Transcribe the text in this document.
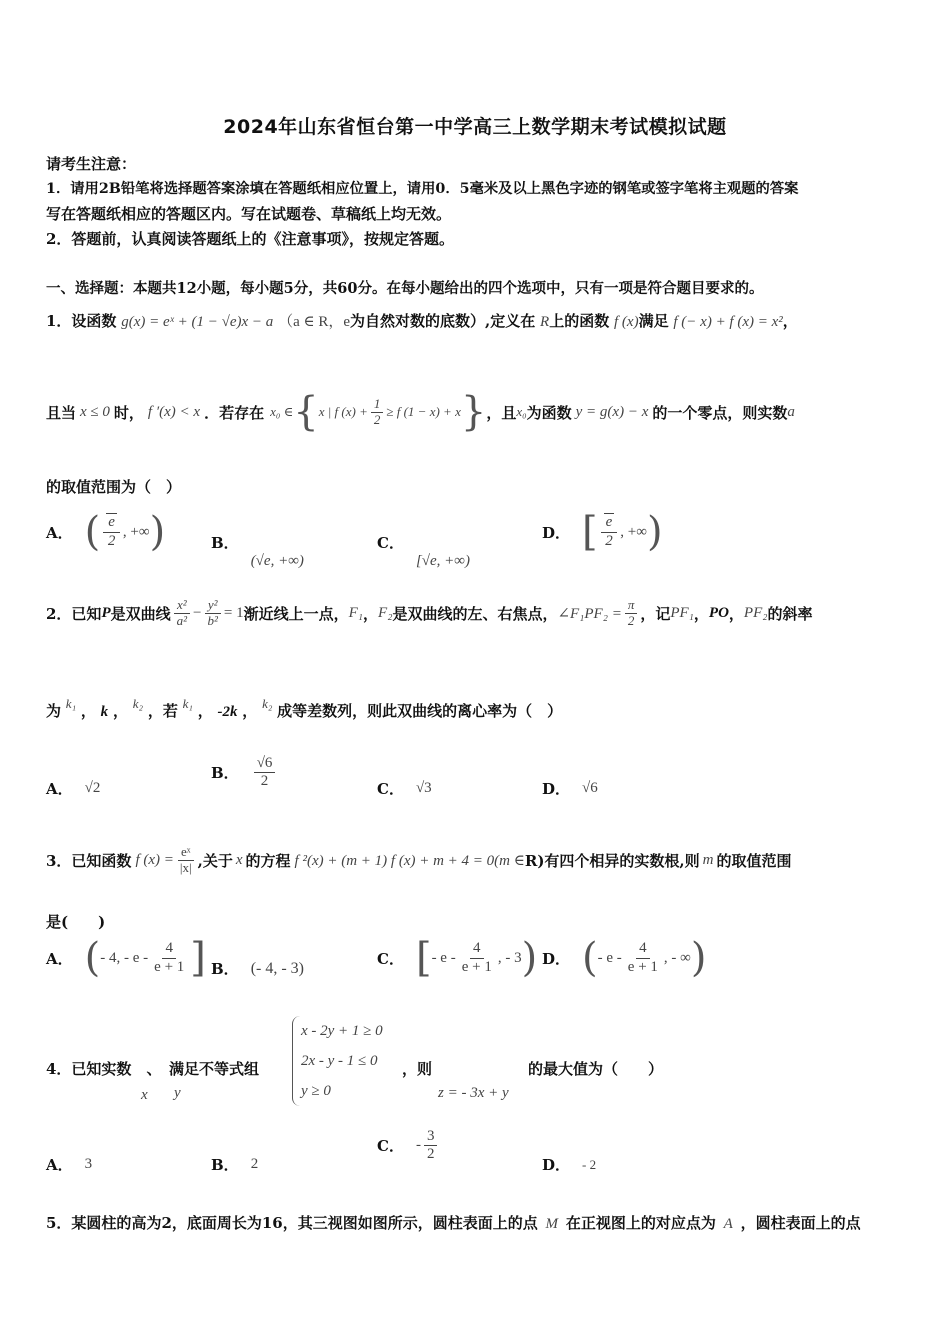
2024年山东省恒台第一中学高三上数学期末考试模拟试题
请考生注意：
1．请用2B铅笔将选择题答案涂填在答题纸相应位置上，请用0．5毫米及以上黑色字迹的钢笔或签字笔将主观题的答案
写在答题纸相应的答题区内。写在试题卷、草稿纸上均无效。
2．答题前，认真阅读答题纸上的《注意事项》，按规定答题。
一、选择题：本题共12小题，每小题5分，共60分。在每小题给出的四个选项中，只有一项是符合题目要求的。
1．设函数 g(x) = eˣ + (1 − √e)x − a （a ∈ R，e为自然对数的底数）,定义在 R上的函数 f (x)满足 f (− x) + f (x) = x²，
且当 x ≤ 0 时， f ′(x) < x ．若存在 x₀ ∈ { x | f $(x) + \frac{1}{2} \ge f$ (1 − x) + x } ，且 x₀ 为函数 y = g(x) − x 的一个零点，则实数 a
的取值范围为（　）
A． ( $\frac{e}{2}$ , +∞ )	B．
(√e, +∞)
C．
[√e, +∞)
D． [ $\frac{e}{2}$ , +∞ )
2．已知 P 是双曲线 $\frac{\text{x²}}{\text{a²}} - \frac{\text{y²}}{\text{b²}} = 1$ 渐近线上一点， F₁ ， F₂ 是双曲线的左、右焦点， ∠F₁PF₂ = $\frac{\pi}{2}$ ，记 PF₁ ， PO ， PF₂ 的斜率
为 k₁ ， k ， k₂ ，若 k₁ ， -2k ， k₂ 成等差数列，则此双曲线的离心率为（　）
A． √2
B． $\frac{√6}{2}$	C． √3	D． √6
3．已知函数 f $(x) = \frac{\text{eˣ}}{|x|}$ ,关于 x 的方程 f ²(x) + (m + 1) f (x) + m + 4 = 0(m ∈ R)有四个相异的实数根,则 m 的取值范围
是(　　)
A． ( - 4, - e - $\frac{4}{e + 1}$ ] B． (- 4, - 3)
C． [ - e - $\frac{4}{e + 1}$ , - 3 ) D． ( - e - $\frac{4}{e + 1}$ , - ∞ )
4．已知实数　、　满足不等式组
x y
x - 2y + 1 ≥ 0
2x - y - 1 ≤ 0
y ≥ 0
，则
z = - 3x + y
的最大值为（　　）
A． 3	B． 2
C． - $\frac{3}{2}$
D． - 2
5．某圆柱的高为2，底面周长为16，其三视图如图所示，圆柱表面上的点 M 在正视图上的对应点为 A ，圆柱表面上的点
